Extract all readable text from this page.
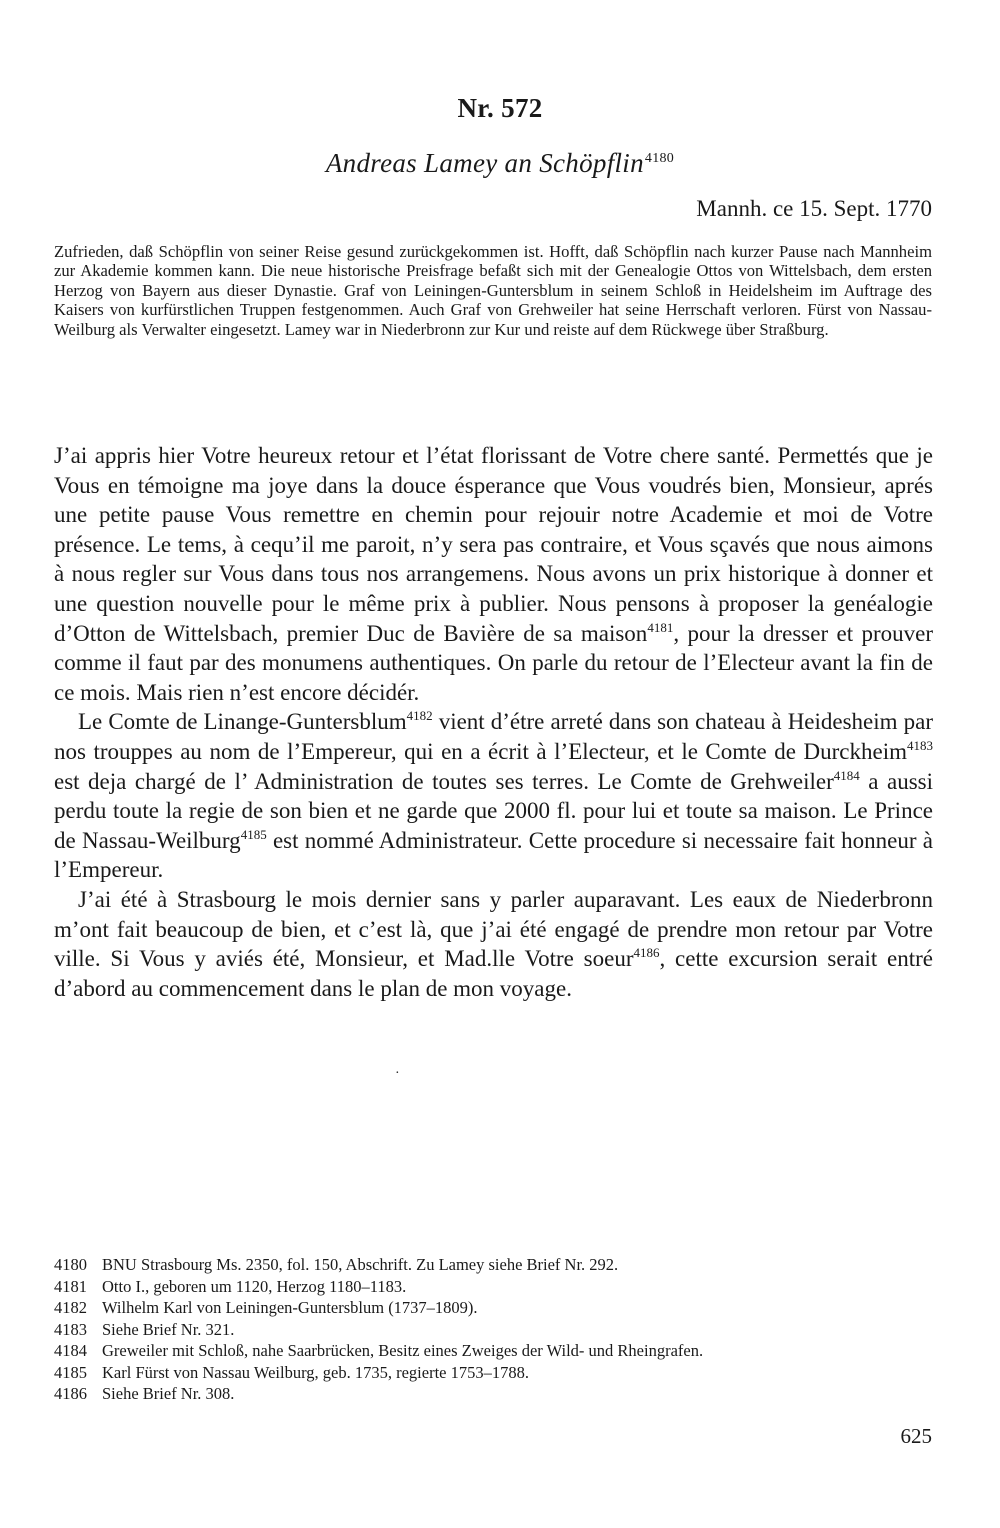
Nr. 572
Andreas Lamey an Schöpflin$^{4180}$
Mannh. ce 15. Sept. 1770
Zufrieden, daß Schöpflin von seiner Reise gesund zurückgekommen ist. Hofft, daß Schöpflin nach kurzer Pause nach Mannheim zur Akademie kommen kann. Die neue historische Preisfrage befaßt sich mit der Genealogie Ottos von Wittelsbach, dem ersten Herzog von Bayern aus dieser Dynastie. Graf von Leiningen-Guntersblum in seinem Schloß in Heidelsheim im Auftrage des Kaisers von kurfürstlichen Truppen festgenommen. Auch Graf von Grehweiler hat seine Herrschaft verloren. Fürst von Nassau-Weilburg als Verwalter eingesetzt. Lamey war in Niederbronn zur Kur und reiste auf dem Rückwege über Straßburg.

J’ai appris hier Votre heureux retour et l’état florissant de Votre chere santé. Permettés que je Vous en témoigne ma joye dans la douce ésperance que Vous voudrés bien, Monsieur, aprés une petite pause Vous remettre en chemin pour rejouir notre Academie et moi de Votre présence. Le tems, à cequ’il me paroit, n’y sera pas contraire, et Vous sçavés que nous aimons à nous regler sur Vous dans tous nos arrangemens. Nous avons un prix historique à donner et une question nouvelle pour le même prix à publier. Nous pensons à proposer la genéalogie d’Otton de Wittelsbach, premier Duc de Bavière de sa maison$^{4181}$, pour la dresser et prouver comme il faut par des monumens authentiques. On parle du retour de l’Electeur avant la fin de ce mois. Mais rien n’est encore décidér.

Le Comte de Linange-Guntersblum$^{4182}$ vient d’étre arreté dans son chateau à Heidesheim par nos trouppes au nom de l’Empereur, qui en a écrit à l’Electeur, et le Comte de Durckheim$^{4183}$ est deja chargé de l’ Administration de toutes ses terres. Le Comte de Grehweiler$^{4184}$ a aussi perdu toute la regie de son bien et ne garde que 2000 fl. pour lui et toute sa maison. Le Prince de Nassau-Weilburg$^{4185}$ est nommé Administrateur. Cette procedure si necessaire fait honneur à l’Empereur.

J’ai été à Strasbourg le mois dernier sans y parler auparavant. Les eaux de Niederbronn m’ont fait beaucoup de bien, et c’est là, que j’ai été engagé de prendre mon retour par Votre ville. Si Vous y aviés été, Monsieur, et Mad.lle Votre soeur$^{4186}$, cette excursion serait entré d’abord au commencement dans le plan de mon voyage.

·
4180 BNU Strasbourg Ms. 2350, fol. 150, Abschrift. Zu Lamey siehe Brief Nr. 292.
4181 Otto I., geboren um 1120, Herzog 1180–1183.
4182 Wilhelm Karl von Leiningen-Guntersblum (1737–1809).
4183 Siehe Brief Nr. 321.
4184 Greweiler mit Schloß, nahe Saarbrücken, Besitz eines Zweiges der Wild- und Rheingrafen.
4185 Karl Fürst von Nassau Weilburg, geb. 1735, regierte 1753–1788.
4186 Siehe Brief Nr. 308.
625
